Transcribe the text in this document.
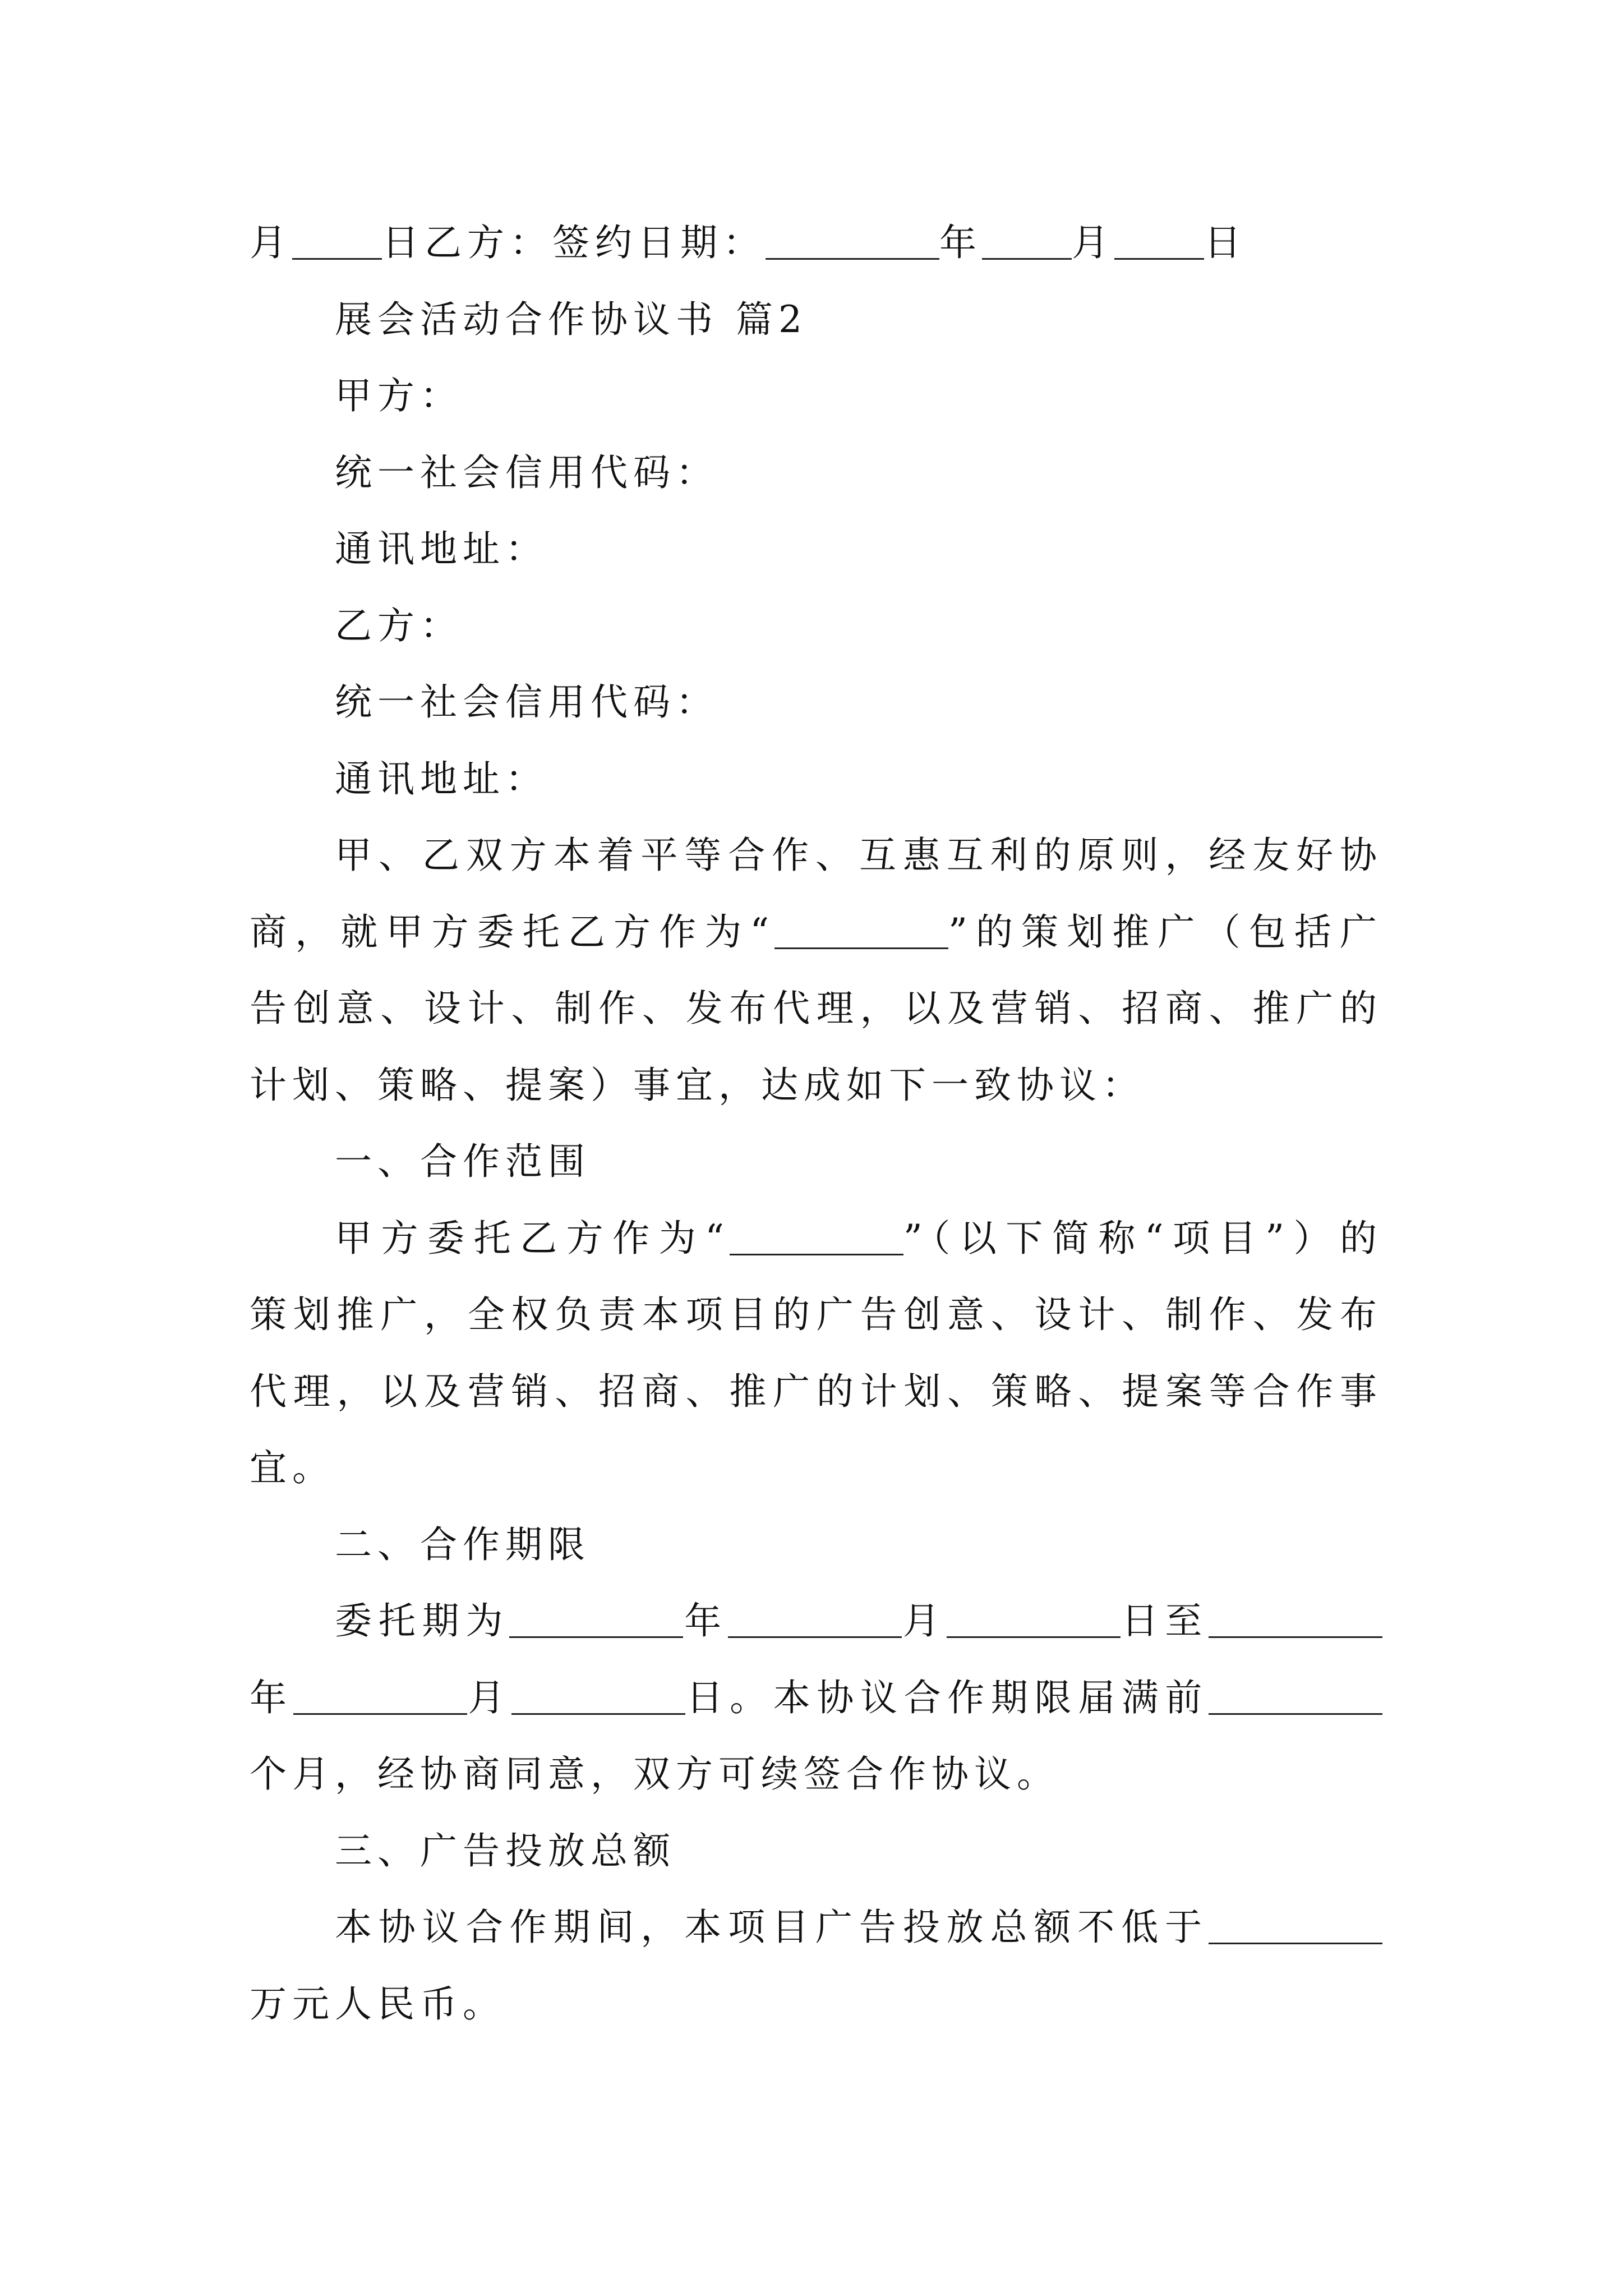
月 日乙方：签约日期：	年 月 日
展会活动合作协议书 篇2
甲方：
统一社会信用代码：
通讯地址：
乙方：
统一社会信用代码：
通讯地址：
甲、乙双方本着平等合作、互惠互利的原则，经友好协
商，就甲方委托乙方作为“	”的策划推广（包括广
告创意、设计、制作、发布代理，以及营销、招商、推广的
计划、策略、提案）事宜，达成如下一致协议：
一、合作范围
甲方委托乙方作为“	”（以下简称“项目”）的
策划推广，全权负责本项目的广告创意、设计、制作、发布
代理，以及营销、招商、推广的计划、策略、提案等合作事
宜。
二、合作期限
委托期为	年	月	日至
年	月	日。本协议合作期限届满前
个月，经协商同意，双方可续签合作协议。
三、广告投放总额
本协议合作期间，本项目广告投放总额不低于
万元人民币。
